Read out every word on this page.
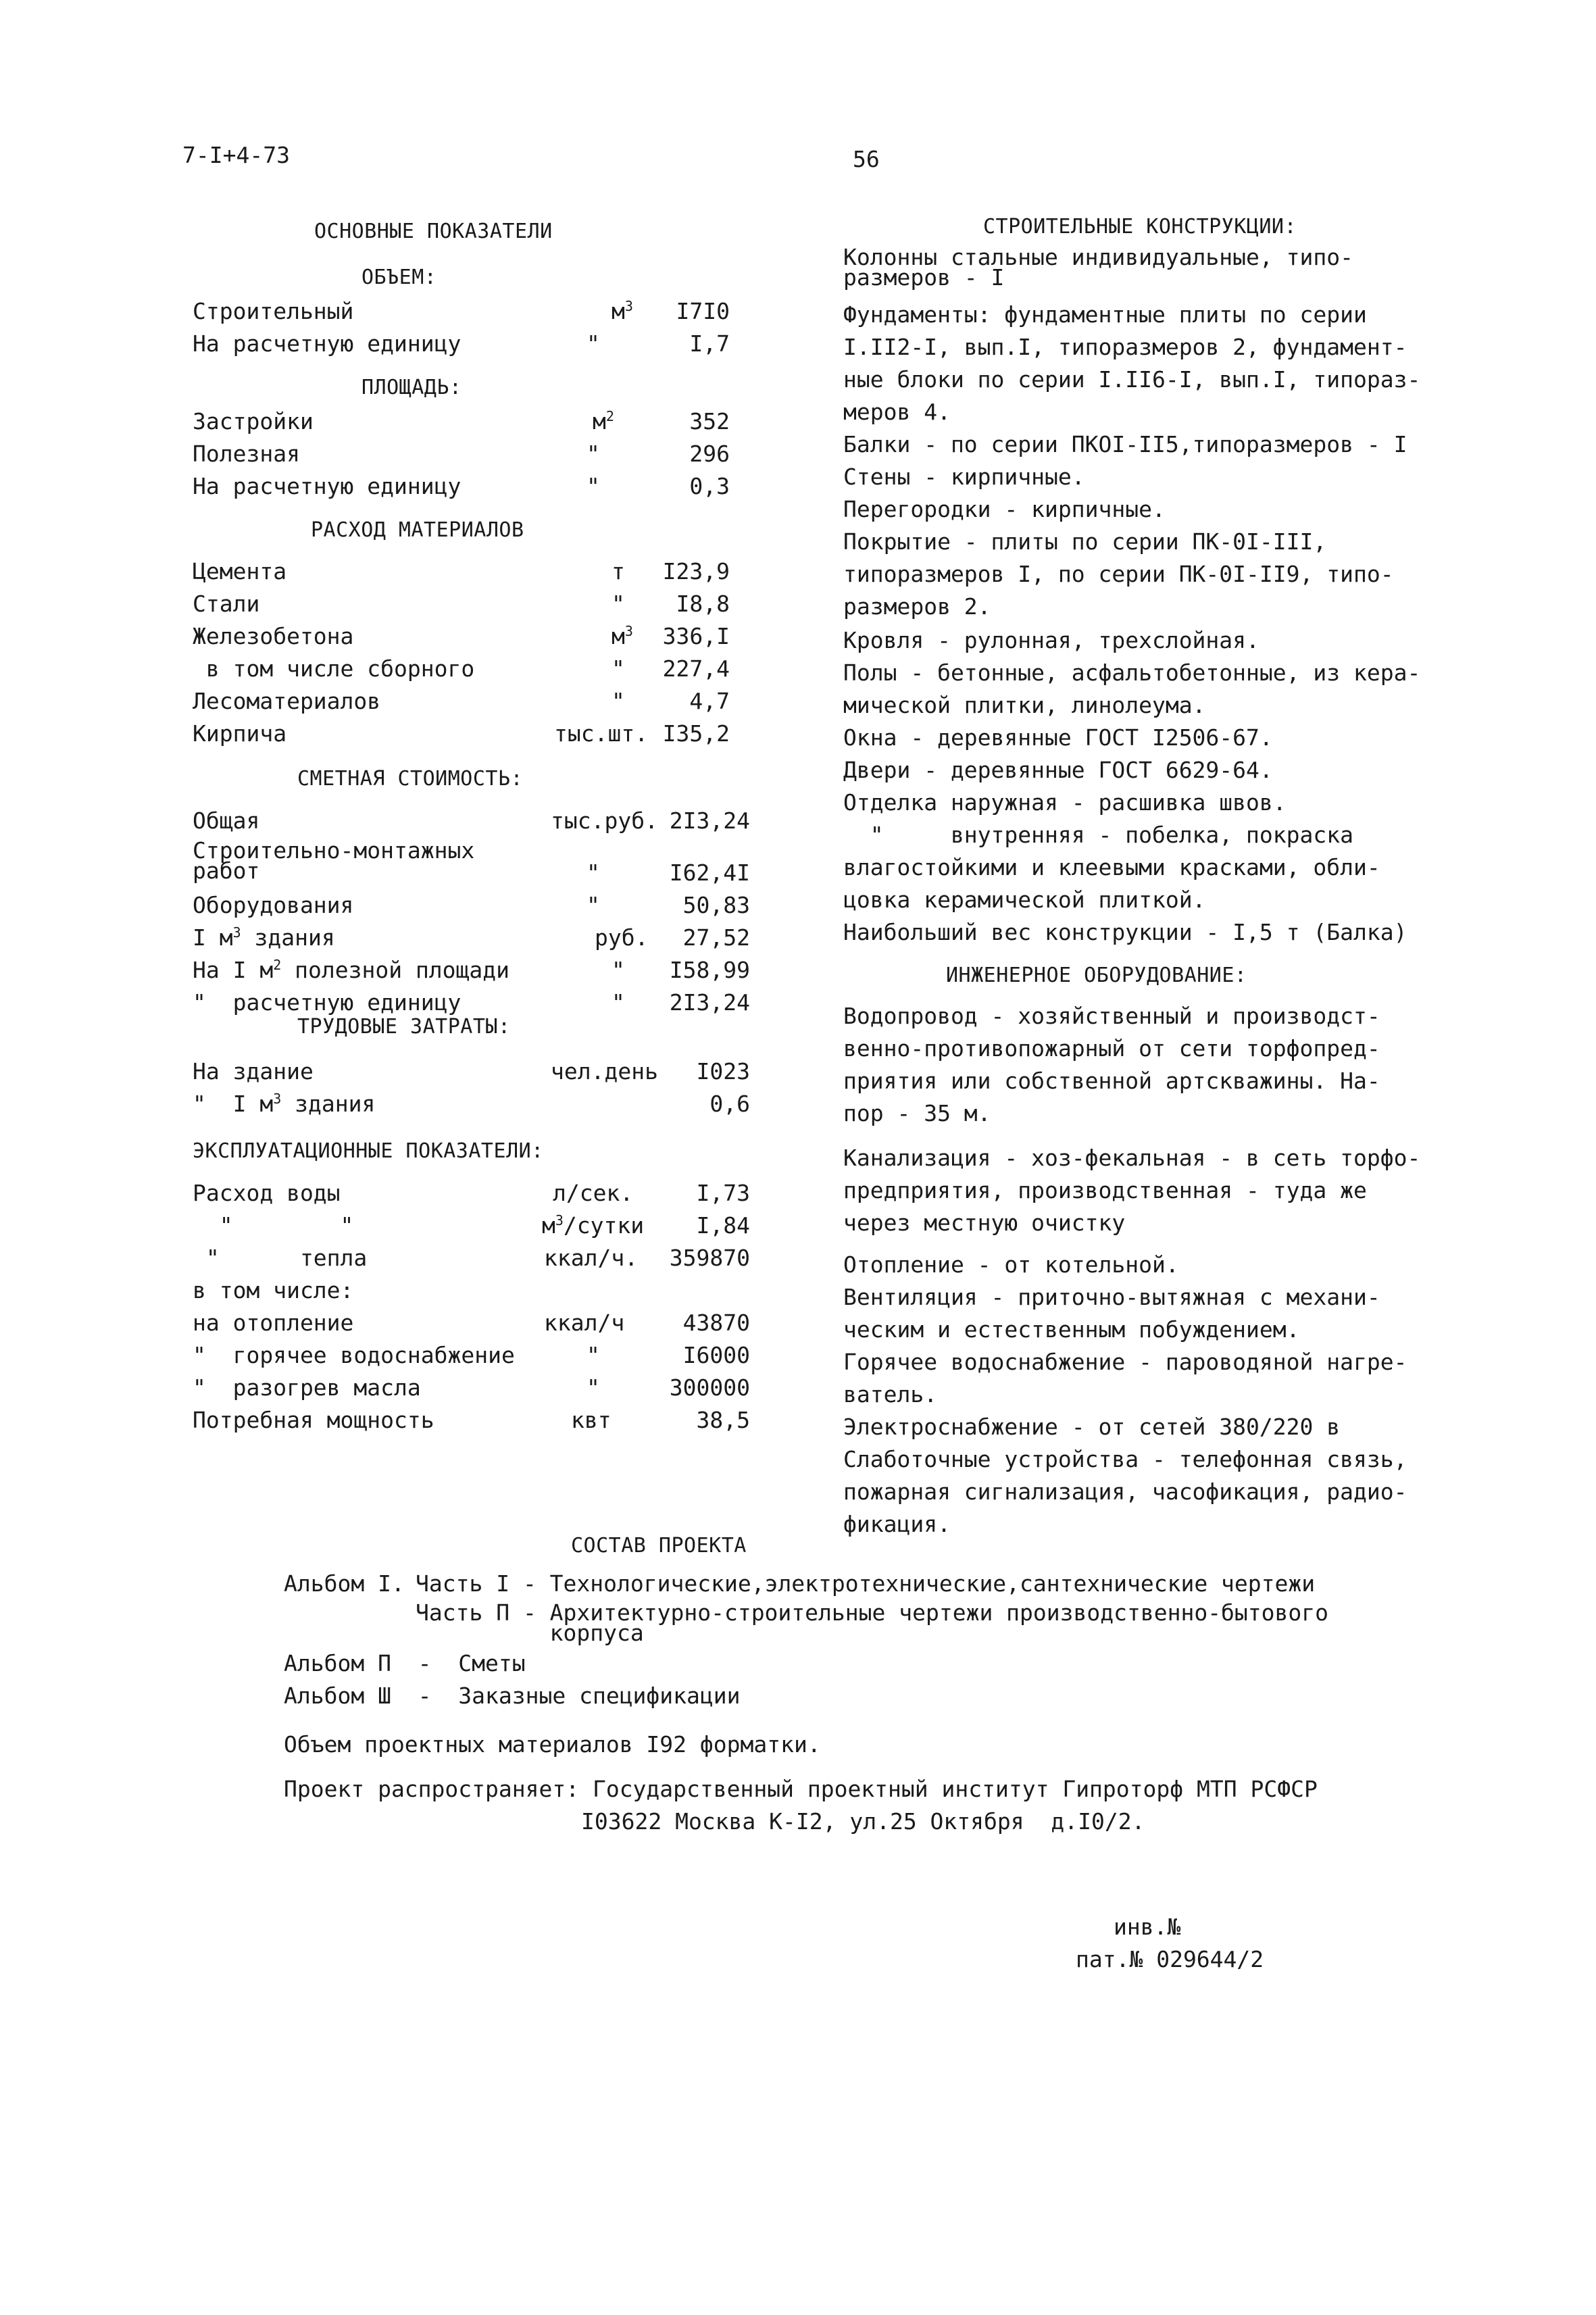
7-I+4-73	56
ОСНОВНЫЕ ПОКАЗАТЕЛИ
ОБЪЕМ:
Строительный	$м^3$	I7I0
На расчетную единицу	"	I,7
ПЛОЩАДЬ:
Застройки	$м^2$	352
Полезная	"	296
На расчетную единицу	"	0,3
РАСХОД МАТЕРИАЛОВ
Цемента	т	I23,9
Стали	"	I8,8
Железобетона	$м^3$	336,I
в том числе сборного	"	227,4
Лесоматериалов	"	4,7
Кирпича	тыс.шт. I35,2
СМЕТНАЯ СТОИМОСТЬ:
Общая	тыс.руб. 2I3,24
Строительно-монтажных
работ	"	I62,4I
Оборудования	"	50,83
I $м^3$ здания	руб.	27,52
На I $м^2$ полезной площади	"	I58,99
"  расчетную единицу	"	2I3,24
ТРУДОВЫЕ ЗАТРАТЫ:
На здание	чел.день	I023
"  I $м^3$ здания	0,6
ЭКСПЛУАТАЦИОННЫЕ ПОКАЗАТЕЛИ:
Расход воды	л/сек.	I,73
"        "	$м^3$/сутки	I,84
"      тепла	ккал/ч.	359870
в том числе:
на отопление	ккал/ч	43870
"  горячее водоснабжение	"	I6000
"  разогрев масла	"	300000
Потребная мощность	квт	38,5
СТРОИТЕЛЬНЫЕ КОНСТРУКЦИИ:
Колонны стальные индивидуальные, типо-
размеров - I
Фундаменты: фундаментные плиты по серии
I.II2-I, вып.I, типоразмеров 2, фундамент-
ные блоки по серии I.II6-I, вып.I, типораз-
меров 4.
Балки - по серии ПКОI-II5,типоразмеров - I
Стены - кирпичные.
Перегородки - кирпичные.
Покрытие - плиты по серии ПК-0I-III,
типоразмеров I, по серии ПК-0I-II9, типо-
размеров 2.
Кровля - рулонная, трехслойная.
Полы - бетонные, асфальтобетонные, из кера-
мической плитки, линолеума.
Окна - деревянные ГОСТ I2506-67.
Двери - деревянные ГОСТ 6629-64.
Отделка наружная - расшивка швов.
"     внутренняя - побелка, покраска
влагостойкими и клеевыми красками, обли-
цовка керамической плиткой.
Наибольший вес конструкции - I,5 т (Балка)
ИНЖЕНЕРНОЕ ОБОРУДОВАНИЕ:
Водопровод - хозяйственный и производст-
венно-противопожарный от сети торфопред-
приятия или собственной артскважины. На-
пор - 35 м.
Канализация - хоз-фекальная - в сеть торфо-
предприятия, производственная - туда же
через местную очистку
Отопление - от котельной.
Вентиляция - приточно-вытяжная с механи-
ческим и естественным побуждением.
Горячее водоснабжение - пароводяной нагре-
ватель.
Электроснабжение - от сетей 380/220 в
Слаботочные устройства - телефонная связь,
пожарная сигнализация, часофикация, радио-
фикация.
СОСТАВ ПРОЕКТА
Альбом I. Часть I - Технологические,электротехнические,сантехнические чертежи
Часть П - Архитектурно-строительные чертежи производственно-бытового
корпуса
Альбом П  -  Сметы
Альбом Ш  -  Заказные спецификации
Объем проектных материалов I92 форматки.
Проект распространяет: Государственный проектный институт Гипроторф МТП РСФСР
I03622 Москва К-I2, ул.25 Октября  д.I0/2.
инв.№
пат.№ 029644/2
